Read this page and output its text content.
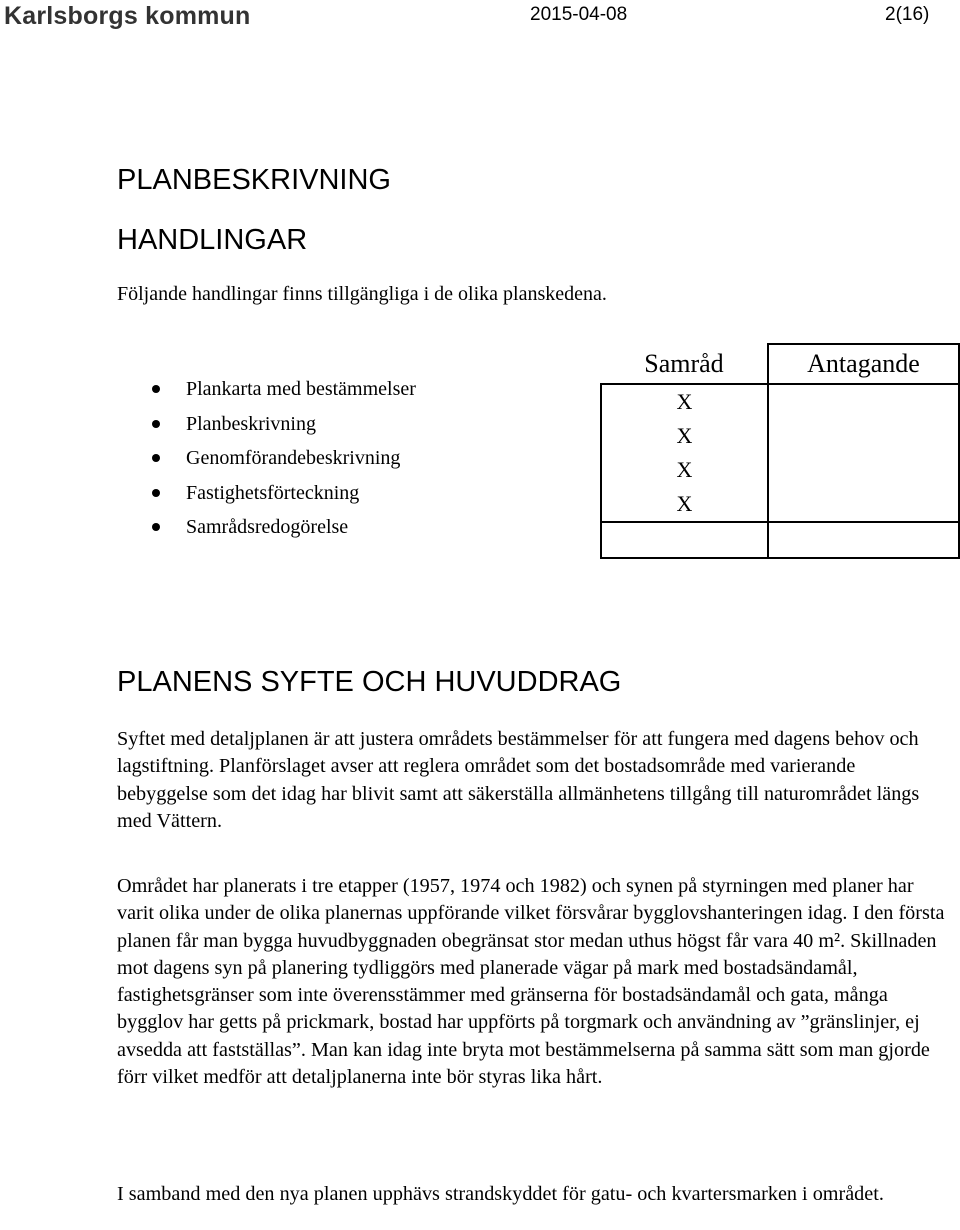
Karlsborgs kommun	2015-04-08	2(16)
PLANBESKRIVNING
HANDLINGAR
Följande handlingar finns tillgängliga i de olika planskedena.
Plankarta med bestämmelser
Planbeskrivning
Genomförandebeskrivning
Fastighetsförteckning
Samrådsredogörelse
Samråd	Antagande
X	
X	
X	
X	

PLANENS SYFTE OCH HUVUDDRAG

Syftet med detaljplanen är att justera områdets bestämmelser för att fungera med dagens behov och lagstiftning. Planförslaget avser att reglera området som det bostadsområde med varierande bebyggelse som det idag har blivit samt att säkerställa allmänhetens tillgång till naturområdet längs med Vättern.

Området har planerats i tre etapper (1957, 1974 och 1982) och synen på styrningen med planer har varit olika under de olika planernas uppförande vilket försvårar bygglovshanteringen idag. I den första planen får man bygga huvudbyggnaden obegränsat stor medan uthus högst får vara 40 m². Skillnaden mot dagens syn på planering tydliggörs med planerade vägar på mark med bostadsändamål, fastighetsgränser som inte överensstämmer med gränserna för bostadsändamål och gata, många bygglov har getts på prickmark, bostad har uppförts på torgmark och användning av ”gränslinjer, ej avsedda att fastställas”. Man kan idag inte bryta mot bestämmelserna på samma sätt som man gjorde förr vilket medför att detaljplanerna inte bör styras lika hårt.

I samband med den nya planen upphävs strandskyddet för gatu- och kvartersmarken i området.
